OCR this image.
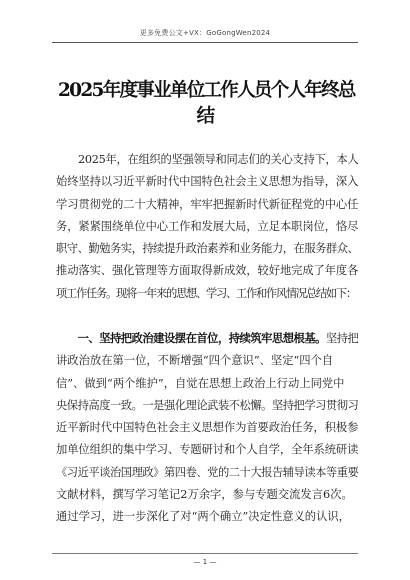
更多免费公文+VX：GoGongWen2024
2025年度事业单位工作人员个人年终总
结
　　2025年，在组织的坚强领导和同志们的关心支持下，本人
始终坚持以习近平新时代中国特色社会主义思想为指导，深入
学习贯彻党的二十大精神，牢牢把握新时代新征程党的中心任
务，紧紧围绕单位中心工作和发展大局，立足本职岗位，恪尽
职守、勤勉务实，持续提升政治素养和业务能力，在服务群众、
推动落实、强化管理等方面取得新成效，较好地完成了年度各
项工作任务。现将一年来的思想、学习、工作和作风情况总结如下：
　　一、坚持把政治建设摆在首位，持续筑牢思想根基。坚持把
讲政治放在第一位，不断增强“四个意识”、坚定“四个自
信”、做到“两个维护”，自觉在思想上政治上行动上同党中
央保持高度一致。一是强化理论武装不松懈。坚持把学习贯彻习
近平新时代中国特色社会主义思想作为首要政治任务，积极参
加单位组织的集中学习、专题研讨和个人自学，全年系统研读
《习近平谈治国理政》第四卷、党的二十大报告辅导读本等重要
文献材料，撰写学习笔记2万余字，参与专题交流发言6次。
通过学习，进一步深化了对“两个确立”决定性意义的认识，
— 1 —
